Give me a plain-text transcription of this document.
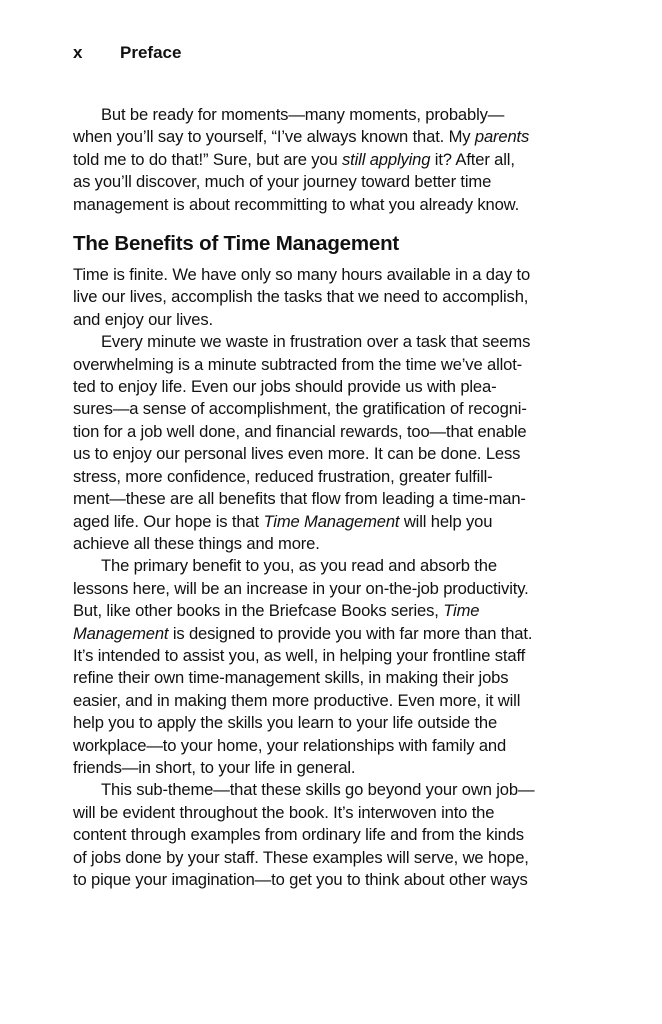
x Preface

But be ready for moments—many moments, probably—
when you’ll say to yourself, “I’ve always known that. My parents
told me to do that!” Sure, but are you still applying it? After all,
as you’ll discover, much of your journey toward better time
management is about recommitting to what you already know.

The Benefits of Time Management

Time is finite. We have only so many hours available in a day to
live our lives, accomplish the tasks that we need to accomplish,
and enjoy our lives.

Every minute we waste in frustration over a task that seems
overwhelming is a minute subtracted from the time we’ve allot-
ted to enjoy life. Even our jobs should provide us with plea-
sures—a sense of accomplishment, the gratification of recogni-
tion for a job well done, and financial rewards, too—that enable
us to enjoy our personal lives even more. It can be done. Less
stress, more confidence, reduced frustration, greater fulfill-
ment—these are all benefits that flow from leading a time-man-
aged life. Our hope is that Time Management will help you
achieve all these things and more.

The primary benefit to you, as you read and absorb the
lessons here, will be an increase in your on-the-job productivity.
But, like other books in the Briefcase Books series, Time
Management is designed to provide you with far more than that.
It’s intended to assist you, as well, in helping your frontline staff
refine their own time-management skills, in making their jobs
easier, and in making them more productive. Even more, it will
help you to apply the skills you learn to your life outside the
workplace—to your home, your relationships with family and
friends—in short, to your life in general.

This sub-theme—that these skills go beyond your own job—
will be evident throughout the book. It’s interwoven into the
content through examples from ordinary life and from the kinds
of jobs done by your staff. These examples will serve, we hope,
to pique your imagination—to get you to think about other ways
